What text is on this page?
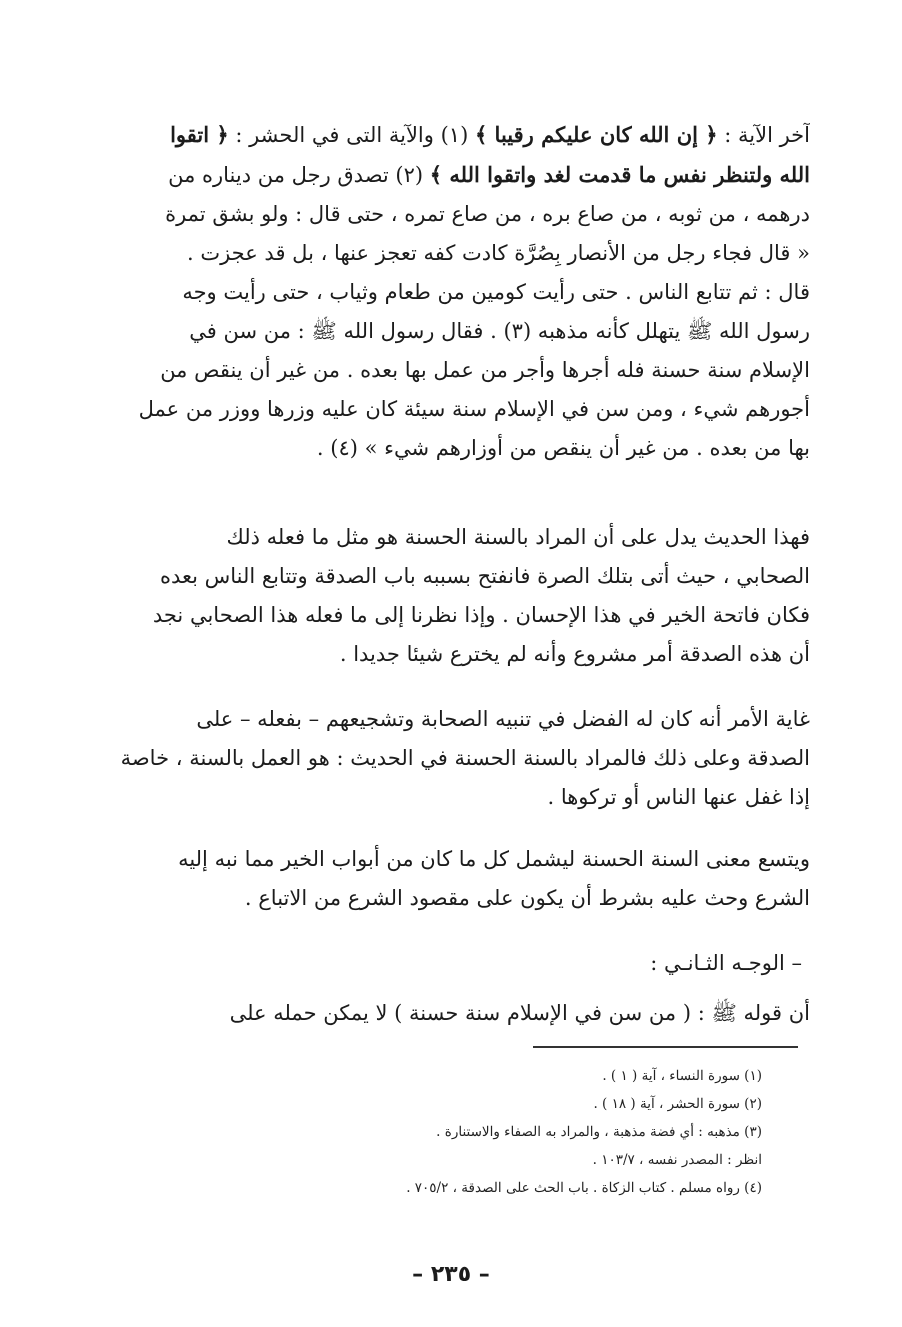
آخر الآية : ﴿ إن الله كان عليكم رقيبا ﴾ (١) والآية التى في الحشر : ﴿ اتقوا
الله ولتنظر نفس ما قدمت لغد واتقوا الله ﴾ (٢) تصدق رجل من ديناره من
درهمه ، من ثوبه ، من صاع بره ، من صاع تمره ، حتى قال : ولو بشق تمرة
« قال فجاء رجل من الأنصار بِصُرَّة كادت كفه تعجز عنها ، بل قد عجزت .
قال : ثم تتابع الناس . حتى رأيت كومين من طعام وثياب ، حتى رأيت وجه
رسول الله ﷺ يتهلل كأنه مذهبه (٣) . فقال رسول الله ﷺ : من سن في
الإسلام سنة حسنة فله أجرها وأجر من عمل بها بعده . من غير أن ينقص من
أجورهم شيء ، ومن سن في الإسلام سنة سيئة كان عليه وزرها ووزر من عمل
بها من بعده . من غير أن ينقص من أوزارهم شيء » (٤) .
فهذا الحديث يدل على أن المراد بالسنة الحسنة هو مثل ما فعله ذلك
الصحابي ، حيث أتى بتلك الصرة فانفتح بسببه باب الصدقة وتتابع الناس بعده
فكان فاتحة الخير في هذا الإحسان . وإذا نظرنا إلى ما فعله هذا الصحابي نجد
أن هذه الصدقة أمر مشروع وأنه لم يخترع شيئا جديدا .
غاية الأمر أنه كان له الفضل في تنبيه الصحابة وتشجيعهم – بفعله – على
الصدقة وعلى ذلك فالمراد بالسنة الحسنة في الحديث : هو العمل بالسنة ، خاصة
إذا غفل عنها الناس أو تركوها .
ويتسع معنى السنة الحسنة ليشمل كل ما كان من أبواب الخير مما نبه إليه
الشرع وحث عليه بشرط أن يكون على مقصود الشرع من الاتباع .
– الوجـه الثـانـي :
أن قوله ﷺ : ( من سن في الإسلام سنة حسنة ) لا يمكن حمله على
(١) سورة النساء ، آية ( ١ ) .
(٢) سورة الحشر ، آية ( ١٨ ) .
(٣) مذهبه : أي فضة مذهبة ، والمراد به الصفاء والاستنارة .
انظر : المصدر نفسه ، ١٠٣/٧ .
(٤) رواه مسلم . كتاب الزكاة . باب الحث على الصدقة ، ٧٠٥/٢ .
– ٢٣٥ –
